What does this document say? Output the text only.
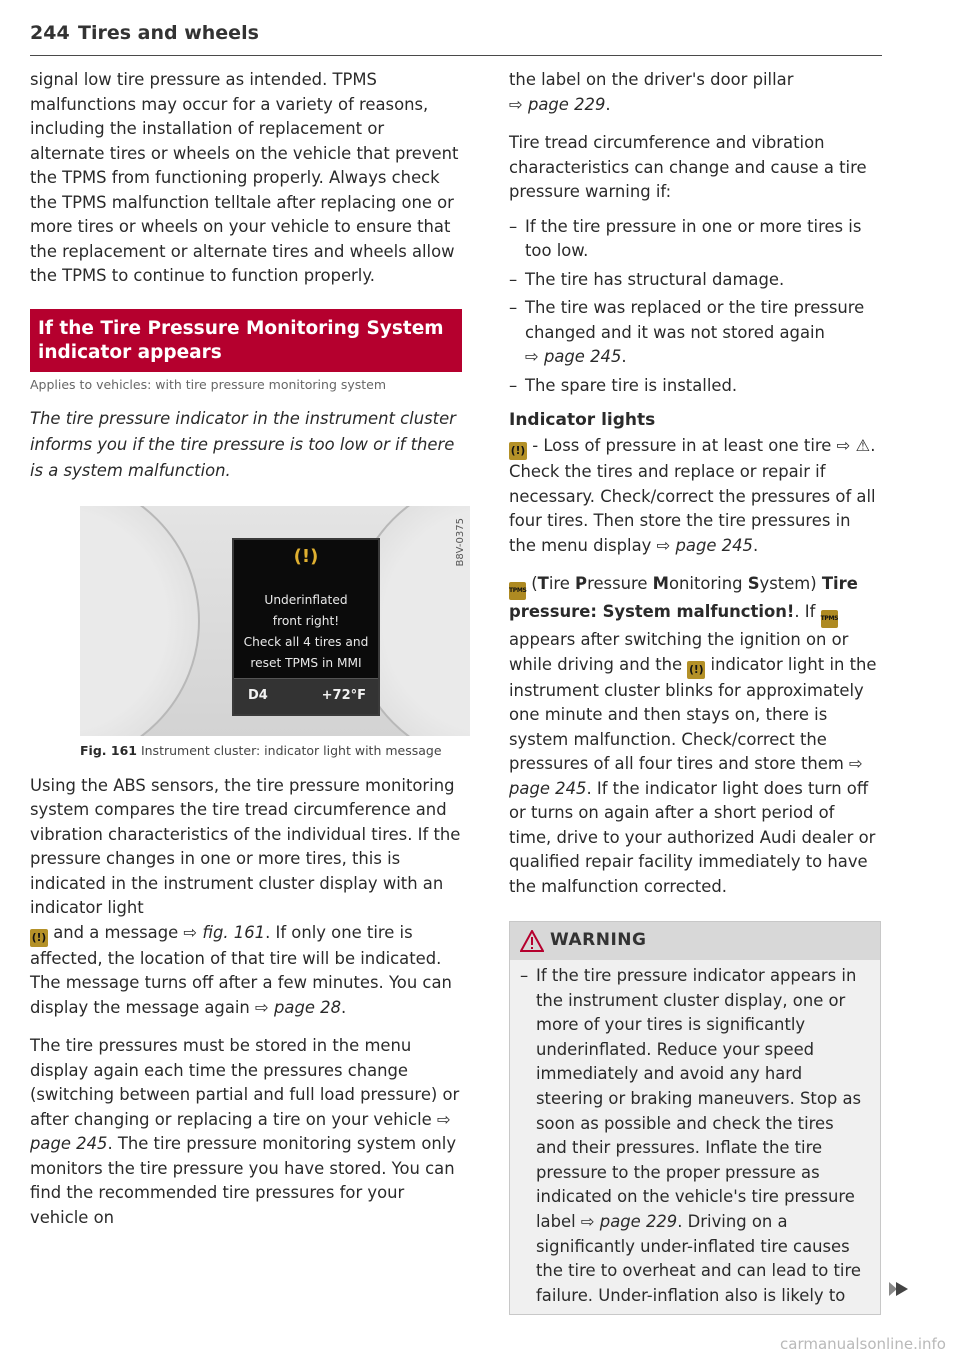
244 Tires and wheels

signal low tire pressure as intended. TPMS malfunctions may occur for a variety of reasons, including the installation of replacement or alternate tires or wheels on the vehicle that prevent the TPMS from functioning properly. Always check the TPMS malfunction telltale after replacing one or more tires or wheels on your vehicle to ensure that the replacement or alternate tires and wheels allow the TPMS to continue to function properly.

If the Tire Pressure Monitoring System indicator appears
Applies to vehicles: with tire pressure monitoring system

The tire pressure indicator in the instrument cluster informs you if the tire pressure is too low or if there is a system malfunction.

(!)
Underinflated
front right!
Check all 4 tires and
reset TPMS in MMI
D4	+72°F
B8V-0375
Fig. 161 Instrument cluster: indicator light with message

Using the ABS sensors, the tire pressure monitoring system compares the tire tread circumference and vibration characteristics of the individual tires. If the pressure changes in one or more tires, this is indicated in the instrument cluster display with an indicator light
(!) and a message ⇨ fig. 161. If only one tire is affected, the location of that tire will be indicated. The message turns off after a few minutes. You can display the message again ⇨ page 28.

The tire pressures must be stored in the menu display again each time the pressures change (switching between partial and full load pressure) or after changing or replacing a tire on your vehicle ⇨ page 245. The tire pressure monitoring system only monitors the tire pressure you have stored. You can find the recommended tire pressures for your vehicle on

the label on the driver's door pillar
⇨ page 229.

Tire tread circumference and vibration characteristics can change and cause a tire pressure warning if:

– If the tire pressure in one or more tires is too low.
– The tire has structural damage.
– The tire was replaced or the tire pressure changed and it was not stored again
⇨ page 245.
– The spare tire is installed.
Indicator lights

(!) - Loss of pressure in at least one tire ⇨ ⚠. Check the tires and replace or repair if necessary. Check/correct the pressures of all four tires. Then store the tire pressures in the menu display ⇨ page 245.

TPMS (Tire Pressure Monitoring System) Tire pressure: System malfunction!. If TPMS appears after switching the ignition on or while driving and the (!) indicator light in the instrument cluster blinks for approximately one minute and then stays on, there is system malfunction. Check/correct the pressures of all four tires and store them ⇨ page 245. If the indicator light does turn off or turns on again after a short period of time, drive to your authorized Audi dealer or qualified repair facility immediately to have the malfunction corrected.

WARNING
– If the tire pressure indicator appears in the instrument cluster display, one or more of your tires is significantly underinflated. Reduce your speed immediately and avoid any hard steering or braking maneuvers. Stop as soon as possible and check the tires and their pressures. Inflate the tire pressure to the proper pressure as indicated on the vehicle's tire pressure label ⇨ page 229. Driving on a significantly under-inflated tire causes the tire to overheat and can lead to tire failure. Under-inflation also is likely to
carmanualsonline.info
